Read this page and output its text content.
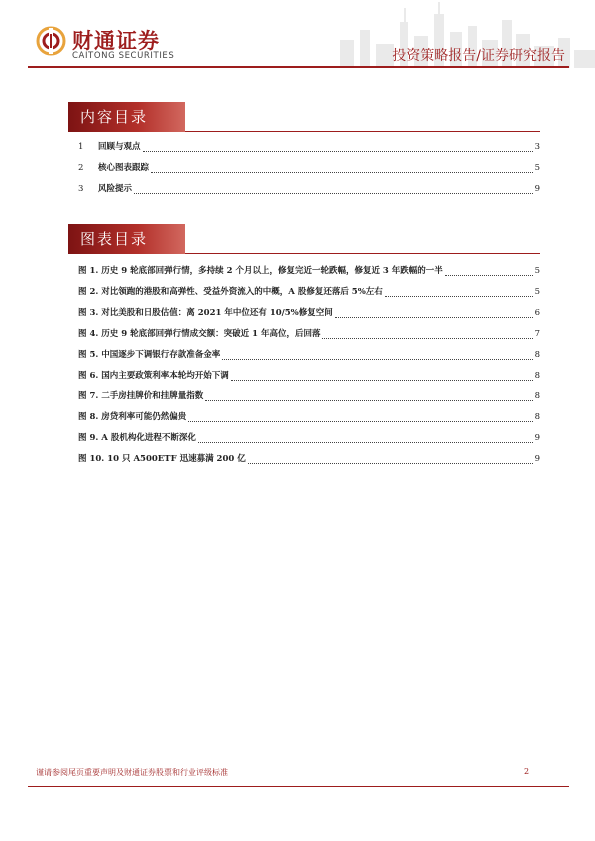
财通证券
CAITONG SECURITIES	投资策略报告/证券研究报告
内容目录
1	回顾与观点	3
2	核心图表跟踪	5
3	风险提示	9
图表目录
图 1. 历史 9 轮底部回弹行情，多持续 2 个月以上，修复完近一轮跌幅，修复近 3 年跌幅的一半	5
图 2. 对比领跑的港股和高弹性、受益外资流入的中概，A 股修复还落后 5%左右	5
图 3. 对比美股和日股估值：离 2021 年中位还有 10/5%修复空间	6
图 4. 历史 9 轮底部回弹行情成交额：突破近 1 年高位，后回落	7
图 5. 中国逐步下调银行存款准备金率	8
图 6. 国内主要政策利率本轮均开始下调	8
图 7. 二手房挂牌价和挂牌量指数	8
图 8. 房贷利率可能仍然偏贵	8
图 9. A 股机构化进程不断深化	9
图 10. 10 只 A500ETF 迅速募满 200 亿	9
谨请参阅尾页重要声明及财通证券股票和行业评级标准	2
